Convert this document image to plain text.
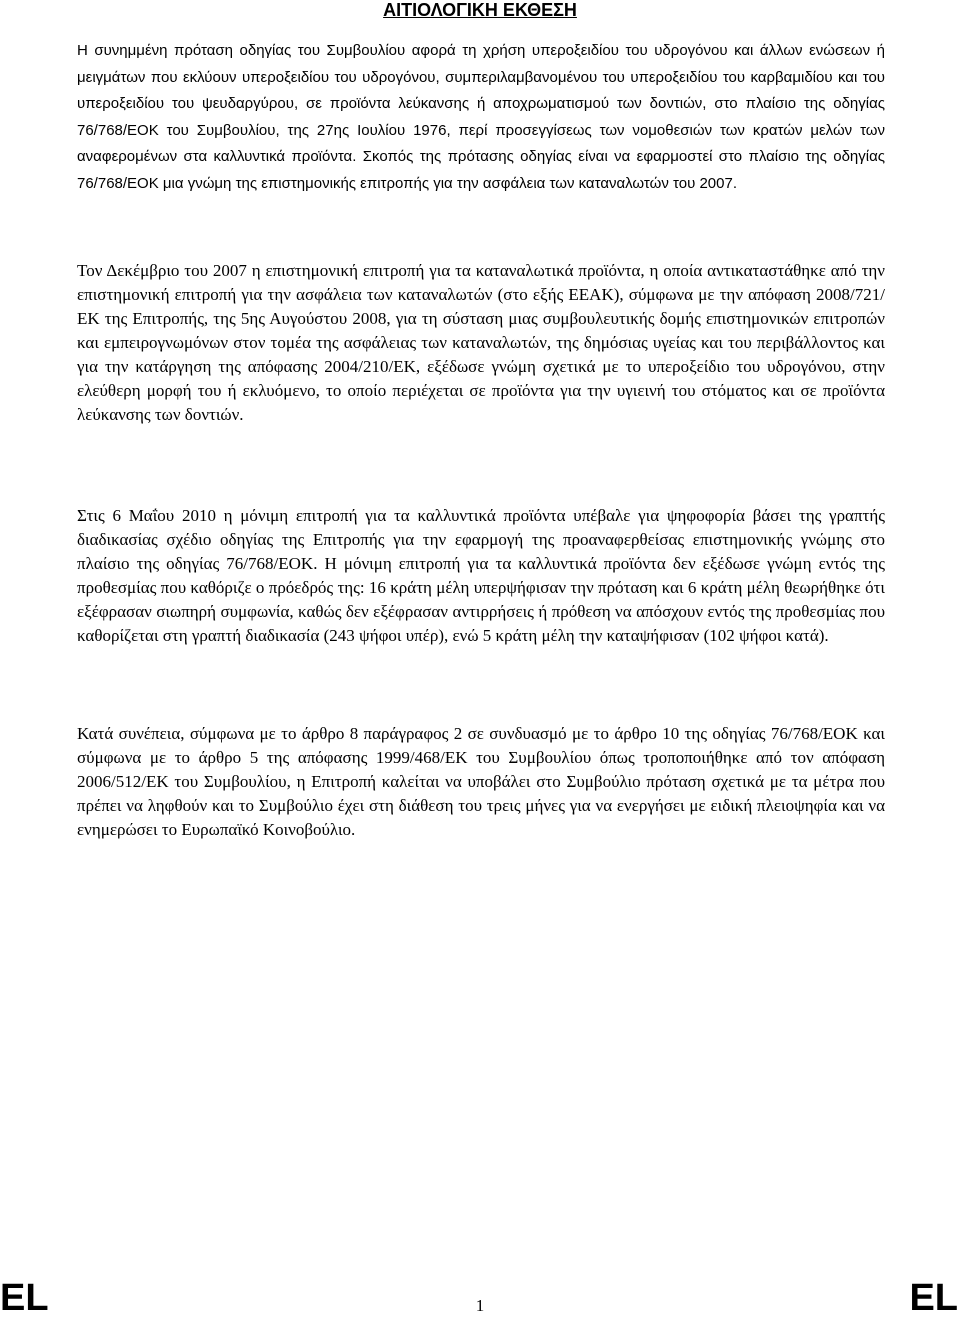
ΑΙΤΙΟΛΟΓΙΚΗ ΕΚΘΕΣΗ

Η συνημμένη πρόταση οδηγίας του Συμβουλίου αφορά τη χρήση υπεροξειδίου του υδρογόνου και άλλων ενώσεων ή μειγμάτων που εκλύουν υπεροξειδίου του υδρογόνου, συμπεριλαμβανομένου του υπεροξειδίου του καρβαμιδίου και του υπεροξειδίου του ψευδαργύρου, σε προϊόντα λεύκανσης ή αποχρωματισμού των δοντιών, στο πλαίσιο της οδηγίας 76/768/ΕΟΚ του Συμβουλίου, της 27ης Ιουλίου 1976, περί προσεγγίσεως των νομοθεσιών των κρατών μελών των αναφερομένων στα καλλυντικά προϊόντα. Σκοπός της πρότασης οδηγίας είναι να εφαρμοστεί στο πλαίσιο της οδηγίας 76/768/ΕΟΚ μια γνώμη της επιστημονικής επιτροπής για την ασφάλεια των καταναλωτών του 2007.

Τον Δεκέμβριο του 2007 η επιστημονική επιτροπή για τα καταναλωτικά προϊόντα, η οποία αντικαταστάθηκε από την επιστημονική επιτροπή για την ασφάλεια των καταναλωτών (στο εξής ΕΕΑΚ), σύμφωνα με την απόφαση 2008/721/ΕΚ της Επιτροπής, της 5ης Αυγούστου 2008, για τη σύσταση μιας συμβουλευτικής δομής επιστημονικών επιτροπών και εμπειρογνωμόνων στον τομέα της ασφάλειας των καταναλωτών, της δημόσιας υγείας και του περιβάλλοντος και για την κατάργηση της απόφασης 2004/210/ΕΚ, εξέδωσε γνώμη σχετικά με το υπεροξείδιο του υδρογόνου, στην ελεύθερη μορφή του ή εκλυόμενο, το οποίο περιέχεται σε προϊόντα για την υγιεινή του στόματος και σε προϊόντα λεύκανσης των δοντιών.

Στις 6 Μαΐου 2010 η μόνιμη επιτροπή για τα καλλυντικά προϊόντα υπέβαλε για ψηφοφορία βάσει της γραπτής διαδικασίας σχέδιο οδηγίας της Επιτροπής για την εφαρμογή της προαναφερθείσας επιστημονικής γνώμης στο πλαίσιο της οδηγίας 76/768/ΕΟΚ. Η μόνιμη επιτροπή για τα καλλυντικά προϊόντα δεν εξέδωσε γνώμη εντός της προθεσμίας που καθόριζε ο πρόεδρός της: 16 κράτη μέλη υπερψήφισαν την πρόταση και 6 κράτη μέλη θεωρήθηκε ότι εξέφρασαν σιωπηρή συμφωνία, καθώς δεν εξέφρασαν αντιρρήσεις ή πρόθεση να απόσχουν εντός της προθεσμίας που καθορίζεται στη γραπτή διαδικασία (243 ψήφοι υπέρ), ενώ 5 κράτη μέλη την καταψήφισαν (102 ψήφοι κατά).

Κατά συνέπεια, σύμφωνα με το άρθρο 8 παράγραφος 2 σε συνδυασμό με το άρθρο 10 της οδηγίας 76/768/ΕΟΚ και σύμφωνα με το άρθρο 5 της απόφασης 1999/468/ΕΚ του Συμβουλίου όπως τροποποιήθηκε από τον απόφαση 2006/512/ΕΚ του Συμβουλίου, η Επιτροπή καλείται να υποβάλει στο Συμβούλιο πρόταση σχετικά με τα μέτρα που πρέπει να ληφθούν και το Συμβούλιο έχει στη διάθεση του τρεις μήνες για να ενεργήσει με ειδική πλειοψηφία και να ενημερώσει το Ευρωπαϊκό Κοινοβούλιο.

EL	1	EL
